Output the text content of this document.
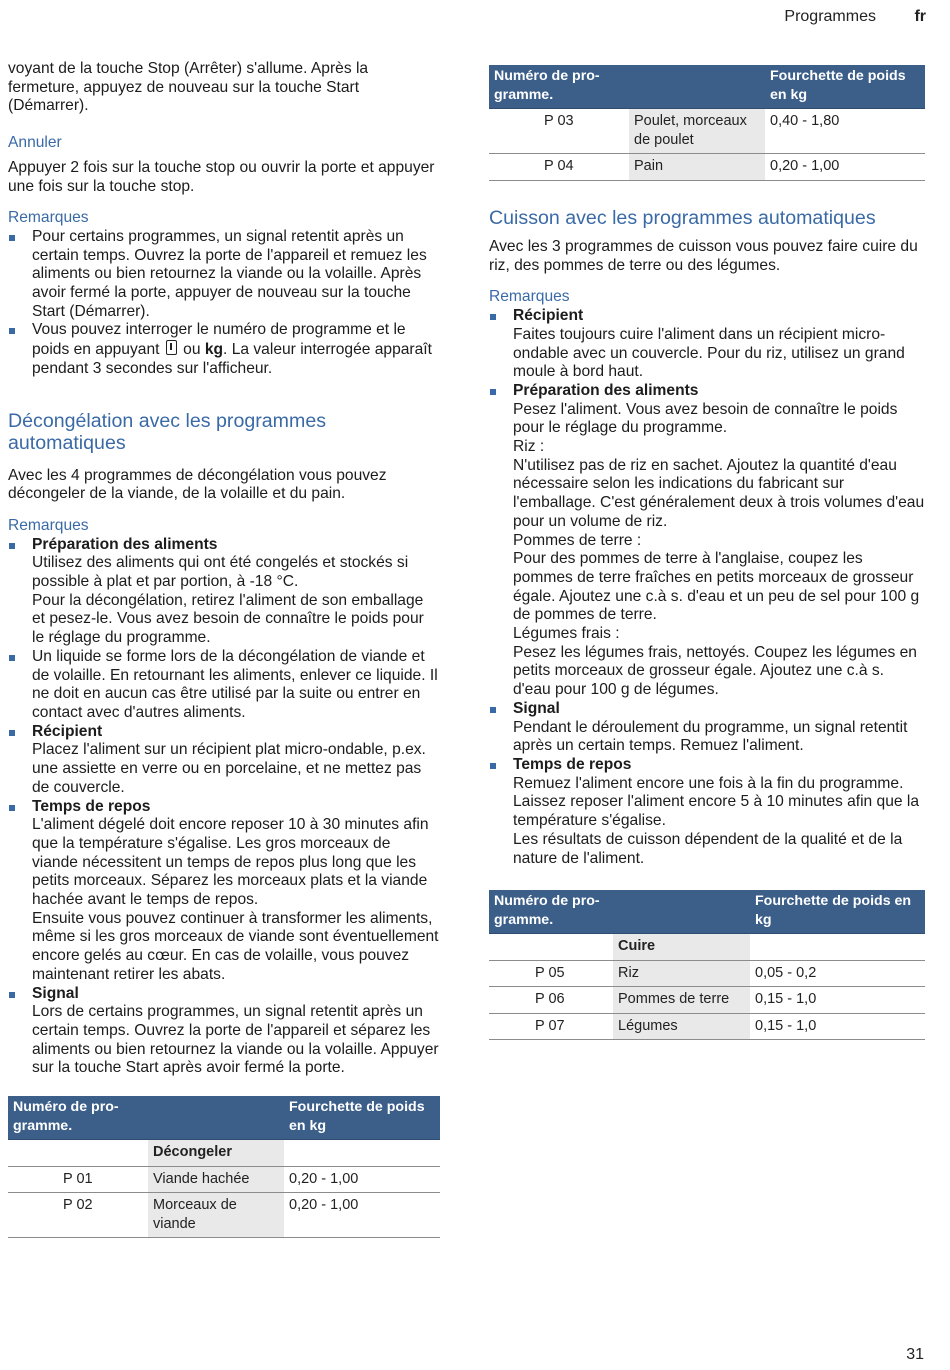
Programmes fr

voyant de la touche Stop (Arrêter) s'allume. Après la fermeture, appuyez de nouveau sur la touche Start (Démarrer).

Annuler

Appuyer 2 fois sur la touche stop ou ouvrir la porte et appuyer une fois sur la touche stop.

Remarques
Pour certains programmes, un signal retentit après un certain temps. Ouvrez la porte de l'appareil et remuez les aliments ou bien retournez la viande ou la volaille. Après avoir fermé la porte, appuyer de nouveau sur la touche Start (Démarrer).
Vous pouvez interroger le numéro de programme et le poids en appuyant ou kg. La valeur interrogée apparaît pendant 3 secondes sur l'afficheur.
Décongélation avec les programmes automatiques

Avec les 4 programmes de décongélation vous pouvez décongeler de la viande, de la volaille et du pain.

Remarques
Préparation des aliments
Utilisez des aliments qui ont été congelés et stockés si possible à plat et par portion, à -18 °C.
Pour la décongélation, retirez l'aliment de son emballage et pesez-le. Vous avez besoin de connaître le poids pour le réglage du programme.
Un liquide se forme lors de la décongélation de viande et de volaille. En retournant les aliments, enlever ce liquide. Il ne doit en aucun cas être utilisé par la suite ou entrer en contact avec d'autres aliments.
Récipient
Placez l'aliment sur un récipient plat micro-ondable, p.ex. une assiette en verre ou en porcelaine, et ne mettez pas de couvercle.
Temps de repos
L'aliment dégelé doit encore reposer 10 à 30 minutes afin que la température s'égalise. Les gros morceaux de viande nécessitent un temps de repos plus long que les petits morceaux. Séparez les morceaux plats et la viande hachée avant le temps de repos.
Ensuite vous pouvez continuer à transformer les aliments, même si les gros morceaux de viande sont éventuellement encore gelés au cœur. En cas de volaille, vous pouvez maintenant retirer les abats.
Signal
Lors de certains programmes, un signal retentit après un certain temps. Ouvrez la porte de l'appareil et séparez les aliments ou bien retournez la viande ou la volaille. Appuyer sur la touche Start après avoir fermé la porte.
Numéro de pro-
gramme.		Fourchette de poids
en kg
	Décongeler	
P 01	Viande hachée	0,20 - 1,00
P 02	Morceaux de viande	0,20 - 1,00
Numéro de pro-
gramme.		Fourchette de poids
en kg
P 03	Poulet, morceaux de poulet	0,40 - 1,80
P 04	Pain	0,20 - 1,00
Cuisson avec les programmes automatiques

Avec les 3 programmes de cuisson vous pouvez faire cuire du riz, des pommes de terre ou des légumes.

Remarques
Récipient
Faites toujours cuire l'aliment dans un récipient micro-ondable avec un couvercle. Pour du riz, utilisez un grand moule à bord haut.
Préparation des aliments
Pesez l'aliment. Vous avez besoin de connaître le poids pour le réglage du programme.
Riz :
N'utilisez pas de riz en sachet. Ajoutez la quantité d'eau nécessaire selon les indications du fabricant sur l'emballage. C'est généralement deux à trois volumes d'eau pour un volume de riz.
Pommes de terre :
Pour des pommes de terre à l'anglaise, coupez les pommes de terre fraîches en petits morceaux de grosseur égale. Ajoutez une c.à s. d'eau et un peu de sel pour 100 g de pommes de terre.
Légumes frais :
Pesez les légumes frais, nettoyés. Coupez les légumes en petits morceaux de grosseur égale. Ajoutez une c.à s. d'eau pour 100 g de légumes.
Signal
Pendant le déroulement du programme, un signal retentit après un certain temps. Remuez l'aliment.
Temps de repos
Remuez l'aliment encore une fois à la fin du programme. Laissez reposer l'aliment encore 5 à 10 minutes afin que la température s'égalise.
Les résultats de cuisson dépendent de la qualité et de la nature de l'aliment.
Numéro de pro-
gramme.		Fourchette de poids en
kg
	Cuire	
P 05	Riz	0,05 - 0,2
P 06	Pommes de terre	0,15 - 1,0
P 07	Légumes	0,15 - 1,0
31
